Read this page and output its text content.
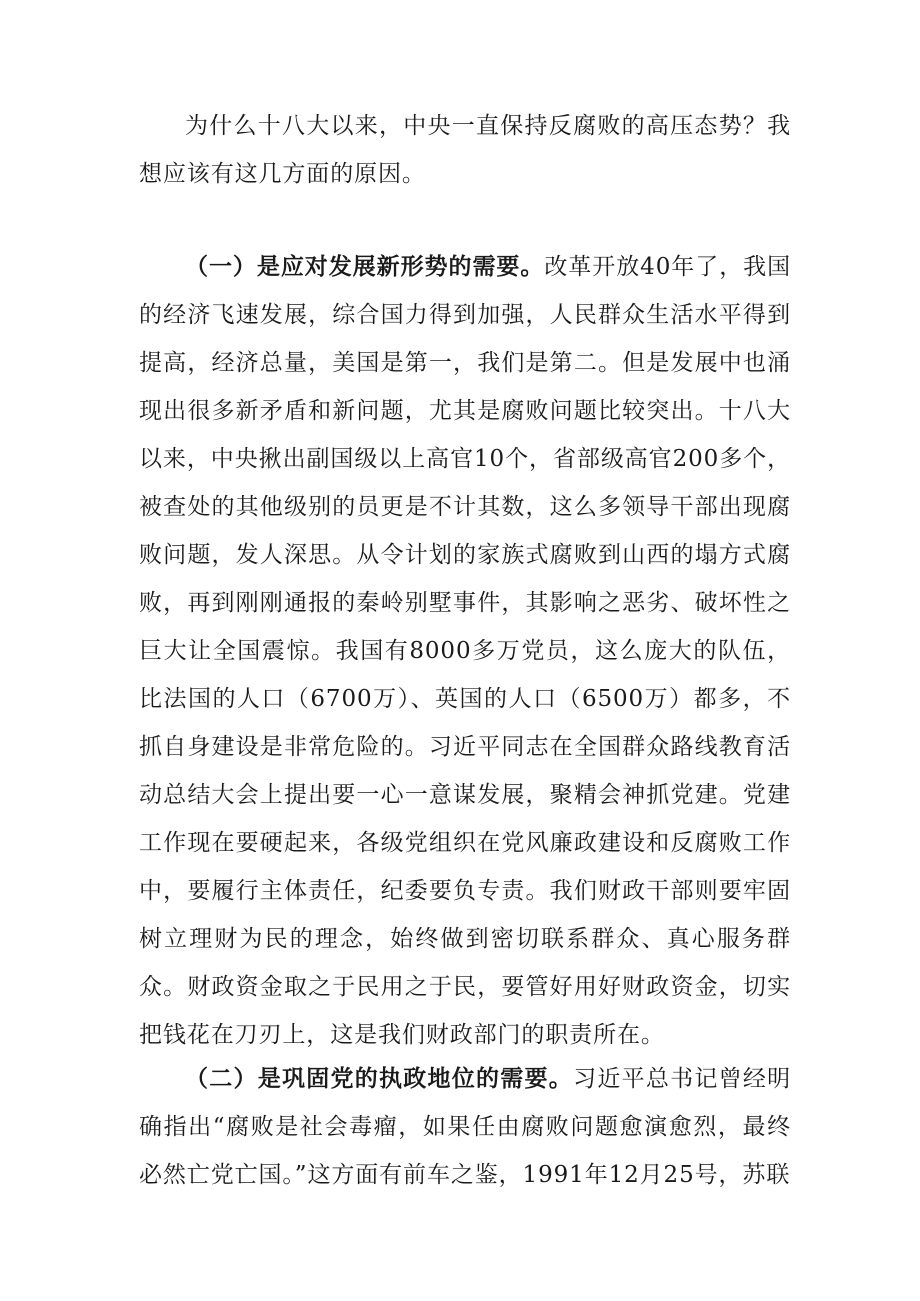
为什么十八大以来，中央一直保持反腐败的高压态势？我想应该有这几方面的原因。

（一）是应对发展新形势的需要。改革开放40年了，我国的经济飞速发展，综合国力得到加强，人民群众生活水平得到提高，经济总量，美国是第一，我们是第二。但是发展中也涌现出很多新矛盾和新问题，尤其是腐败问题比较突出。十八大以来，中央揪出副国级以上高官10个，省部级高官200多个，被查处的其他级别的员更是不计其数，这么多领导干部出现腐败问题，发人深思。从令计划的家族式腐败到山西的塌方式腐败，再到刚刚通报的秦岭别墅事件，其影响之恶劣、破坏性之巨大让全国震惊。我国有8000多万党员，这么庞大的队伍，比法国的人口（6700万）、英国的人口（6500万）都多，不抓自身建设是非常危险的。习近平同志在全国群众路线教育活动总结大会上提出要一心一意谋发展，聚精会神抓党建。党建工作现在要硬起来，各级党组织在党风廉政建设和反腐败工作中，要履行主体责任，纪委要负专责。我们财政干部则要牢固树立理财为民的理念，始终做到密切联系群众、真心服务群众。财政资金取之于民用之于民，要管好用好财政资金，切实把钱花在刀刃上，这是我们财政部门的职责所在。

（二）是巩固党的执政地位的需要。习近平总书记曾经明确指出“腐败是社会毒瘤，如果任由腐败问题愈演愈烈，最终必然亡党亡国。”这方面有前车之鉴，1991年12月25号，苏联
